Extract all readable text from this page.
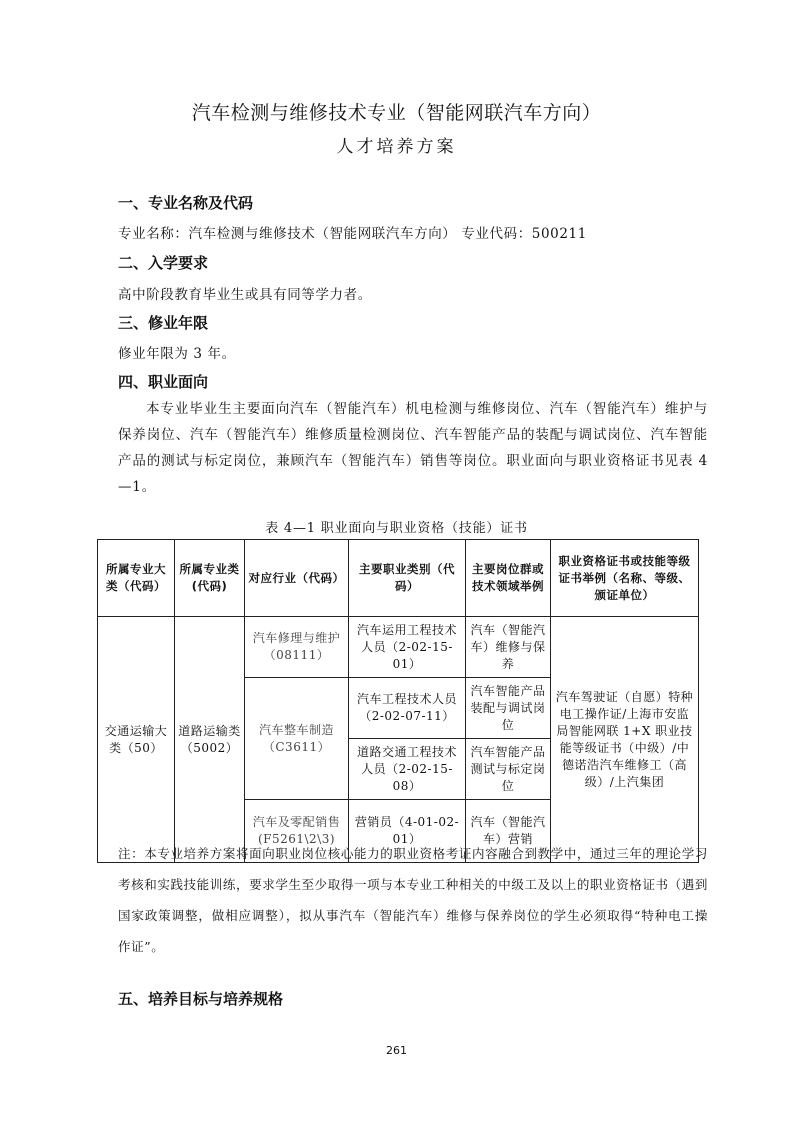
汽车检测与维修技术专业（智能网联汽车方向）
人才培养方案
一、专业名称及代码
专业名称：汽车检测与维修技术（智能网联汽车方向） 专业代码：500211
二、入学要求
高中阶段教育毕业生或具有同等学力者。
三、修业年限
修业年限为 3 年。
四、职业面向
本专业毕业生主要面向汽车（智能汽车）机电检测与维修岗位、汽车（智能汽车）维护与保养岗位、汽车（智能汽车）维修质量检测岗位、汽车智能产品的装配与调试岗位、汽车智能产品的测试与标定岗位，兼顾汽车（智能汽车）销售等岗位。职业面向与职业资格证书见表 4—1。
表 4—1 职业面向与职业资格（技能）证书
所属专业大类（代码）	所属专业类(代码)	对应行业（代码）	主要职业类别（代码）	主要岗位群或技术领域举例	职业资格证书或技能等级证书举例（名称、等级、颁证单位）
交通运输大类（50）	道路运输类（5002）	汽车修理与维护 （08111）	汽车运用工程技术人员（2-02-15-01）	汽车（智能汽车）维修与保养	汽车驾驶证（自愿）特种电工操作证/上海市安监局智能网联 1+X 职业技能等级证书（中级）/中德诺浩汽车维修工（高级）/上汽集团
		汽车整车制造（C3611）	汽车工程技术人员（2-02-07-11）	汽车智能产品装配与调试岗位	
			道路交通工程技术人员（2-02-15-08）	汽车智能产品测试与标定岗位	
		汽车及零配销售(F5261\2\3)	营销员（4-01-02-01）	汽车（智能汽车）营销	
注：本专业培养方案将面向职业岗位核心能力的职业资格考证内容融合到教学中，通过三年的理论学习考核和实践技能训练，要求学生至少取得一项与本专业工种相关的中级工及以上的职业资格证书（遇到国家政策调整，做相应调整），拟从事汽车（智能汽车）维修与保养岗位的学生必须取得“特种电工操作证”。
五、培养目标与培养规格
261
